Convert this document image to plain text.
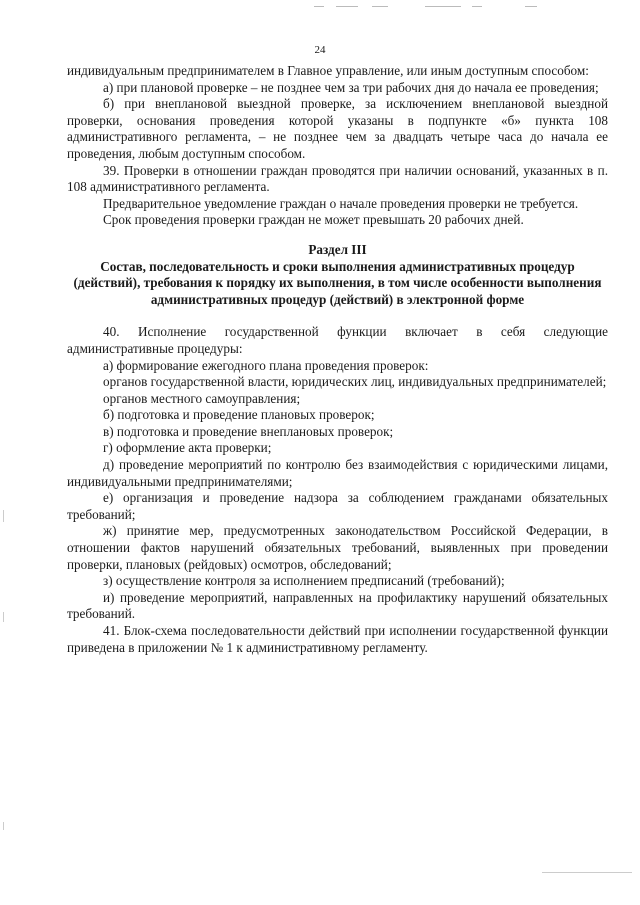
24

индивидуальным предпринимателем в Главное управление, или иным доступным способом:

а) при плановой проверке – не позднее чем за три рабочих дня до начала ее проведения;

б) при внеплановой выездной проверке, за исключением внеплановой выездной проверки, основания проведения которой указаны в подпункте «б» пункта 108 административного регламента, – не позднее чем за двадцать четыре часа до начала ее проведения, любым доступным способом.

39. Проверки в отношении граждан проводятся при наличии оснований, указанных в п. 108 административного регламента.

Предварительное уведомление граждан о начале проведения проверки не требуется.

Срок проведения проверки граждан не может превышать 20 рабочих дней.

Раздел III
Состав, последовательность и сроки выполнения административных процедур (действий), требования к порядку их выполнения, в том числе особенности выполнения административных процедур (действий) в электронной форме

40. Исполнение государственной функции включает в себя следующие административные процедуры:

а) формирование ежегодного плана проведения проверок:

органов государственной власти, юридических лиц, индивидуальных предпринимателей;

органов местного самоуправления;

б) подготовка и проведение плановых проверок;

в) подготовка и проведение внеплановых проверок;

г) оформление акта проверки;

д) проведение мероприятий по контролю без взаимодействия с юридическими лицами, индивидуальными предпринимателями;

е) организация и проведение надзора за соблюдением гражданами обязательных требований;

ж) принятие мер, предусмотренных законодательством Российской Федерации, в отношении фактов нарушений обязательных требований, выявленных при проведении проверки, плановых (рейдовых) осмотров, обследований;

з) осуществление контроля за исполнением предписаний (требований);

и) проведение мероприятий, направленных на профилактику нарушений обязательных требований.

41. Блок-схема последовательности действий при исполнении государственной функции приведена в приложении № 1 к административному регламенту.
